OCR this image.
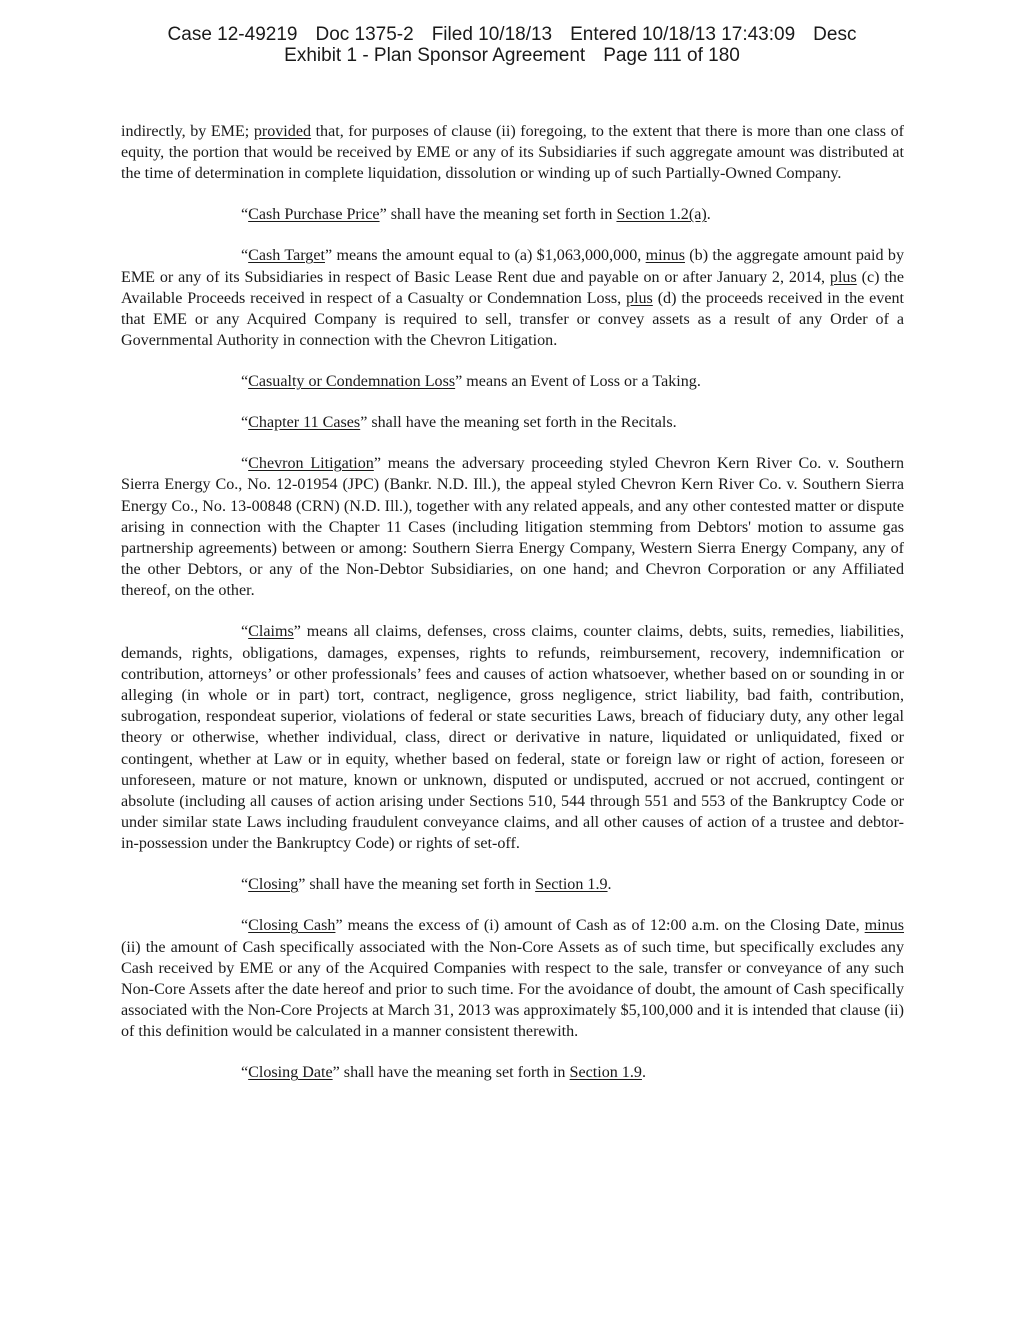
Case 12-49219 Doc 1375-2 Filed 10/18/13 Entered 10/18/13 17:43:09 Desc
Exhibit 1 - Plan Sponsor Agreement Page 111 of 180

indirectly, by EME; provided that, for purposes of clause (ii) foregoing, to the extent that there is more than one class of equity, the portion that would be received by EME or any of its Subsidiaries if such aggregate amount was distributed at the time of determination in complete liquidation, dissolution or winding up of such Partially-Owned Company.

“Cash Purchase Price” shall have the meaning set forth in Section 1.2(a).

“Cash Target” means the amount equal to (a) $1,063,000,000, minus (b) the aggregate amount paid by EME or any of its Subsidiaries in respect of Basic Lease Rent due and payable on or after January 2, 2014, plus (c) the Available Proceeds received in respect of a Casualty or Condemnation Loss, plus (d) the proceeds received in the event that EME or any Acquired Company is required to sell, transfer or convey assets as a result of any Order of a Governmental Authority in connection with the Chevron Litigation.

“Casualty or Condemnation Loss” means an Event of Loss or a Taking.

“Chapter 11 Cases” shall have the meaning set forth in the Recitals.

“Chevron Litigation” means the adversary proceeding styled Chevron Kern River Co. v. Southern Sierra Energy Co., No. 12-01954 (JPC) (Bankr. N.D. Ill.), the appeal styled Chevron Kern River Co. v. Southern Sierra Energy Co., No. 13-00848 (CRN) (N.D. Ill.), together with any related appeals, and any other contested matter or dispute arising in connection with the Chapter 11 Cases (including litigation stemming from Debtors' motion to assume gas partnership agreements) between or among: Southern Sierra Energy Company, Western Sierra Energy Company, any of the other Debtors, or any of the Non-Debtor Subsidiaries, on one hand; and Chevron Corporation or any Affiliated thereof, on the other.

“Claims” means all claims, defenses, cross claims, counter claims, debts, suits, remedies, liabilities, demands, rights, obligations, damages, expenses, rights to refunds, reimbursement, recovery, indemnification or contribution, attorneys’ or other professionals’ fees and causes of action whatsoever, whether based on or sounding in or alleging (in whole or in part) tort, contract, negligence, gross negligence, strict liability, bad faith, contribution, subrogation, respondeat superior, violations of federal or state securities Laws, breach of fiduciary duty, any other legal theory or otherwise, whether individual, class, direct or derivative in nature, liquidated or unliquidated, fixed or contingent, whether at Law or in equity, whether based on federal, state or foreign law or right of action, foreseen or unforeseen, mature or not mature, known or unknown, disputed or undisputed, accrued or not accrued, contingent or absolute (including all causes of action arising under Sections 510, 544 through 551 and 553 of the Bankruptcy Code or under similar state Laws including fraudulent conveyance claims, and all other causes of action of a trustee and debtor-in-possession under the Bankruptcy Code) or rights of set-off.

“Closing” shall have the meaning set forth in Section 1.9.

“Closing Cash” means the excess of (i) amount of Cash as of 12:00 a.m. on the Closing Date, minus (ii) the amount of Cash specifically associated with the Non-Core Assets as of such time, but specifically excludes any Cash received by EME or any of the Acquired Companies with respect to the sale, transfer or conveyance of any such Non-Core Assets after the date hereof and prior to such time. For the avoidance of doubt, the amount of Cash specifically associated with the Non-Core Projects at March 31, 2013 was approximately $5,100,000 and it is intended that clause (ii) of this definition would be calculated in a manner consistent therewith.

“Closing Date” shall have the meaning set forth in Section 1.9.
